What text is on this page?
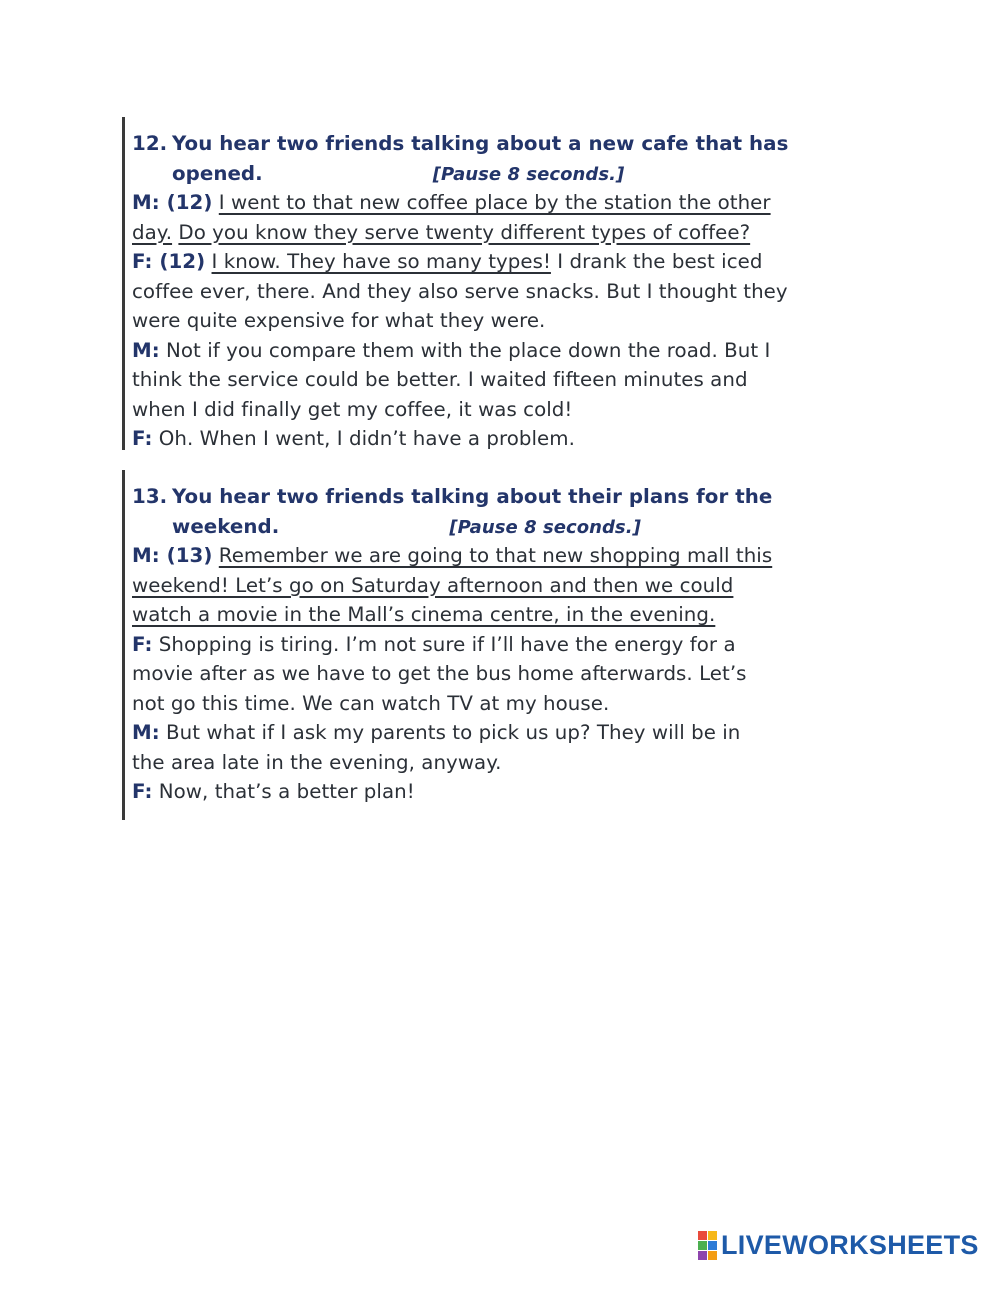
12. You hear two friends talking about a new cafe that has
opened.	[Pause 8 seconds.]
M: (12) I went to that new coffee place by the station the other
day. Do you know they serve twenty different types of coffee?
F: (12) I know. They have so many types! I drank the best iced
coffee ever, there. And they also serve snacks. But I thought they
were quite expensive for what they were.
M: Not if you compare them with the place down the road. But I
think the service could be better. I waited fifteen minutes and
when I did finally get my coffee, it was cold!
F: Oh. When I went, I didn’t have a problem.
13. You hear two friends talking about their plans for the
weekend.	[Pause 8 seconds.]
M: (13) Remember we are going to that new shopping mall this
weekend! Let’s go on Saturday afternoon and then we could
watch a movie in the Mall’s cinema centre, in the evening.
F: Shopping is tiring. I’m not sure if I’ll have the energy for a
movie after as we have to get the bus home afterwards. Let’s
not go this time. We can watch TV at my house.
M: But what if I ask my parents to pick us up? They will be in
the area late in the evening, anyway.
F: Now, that’s a better plan!
LIVEWORKSHEETS
